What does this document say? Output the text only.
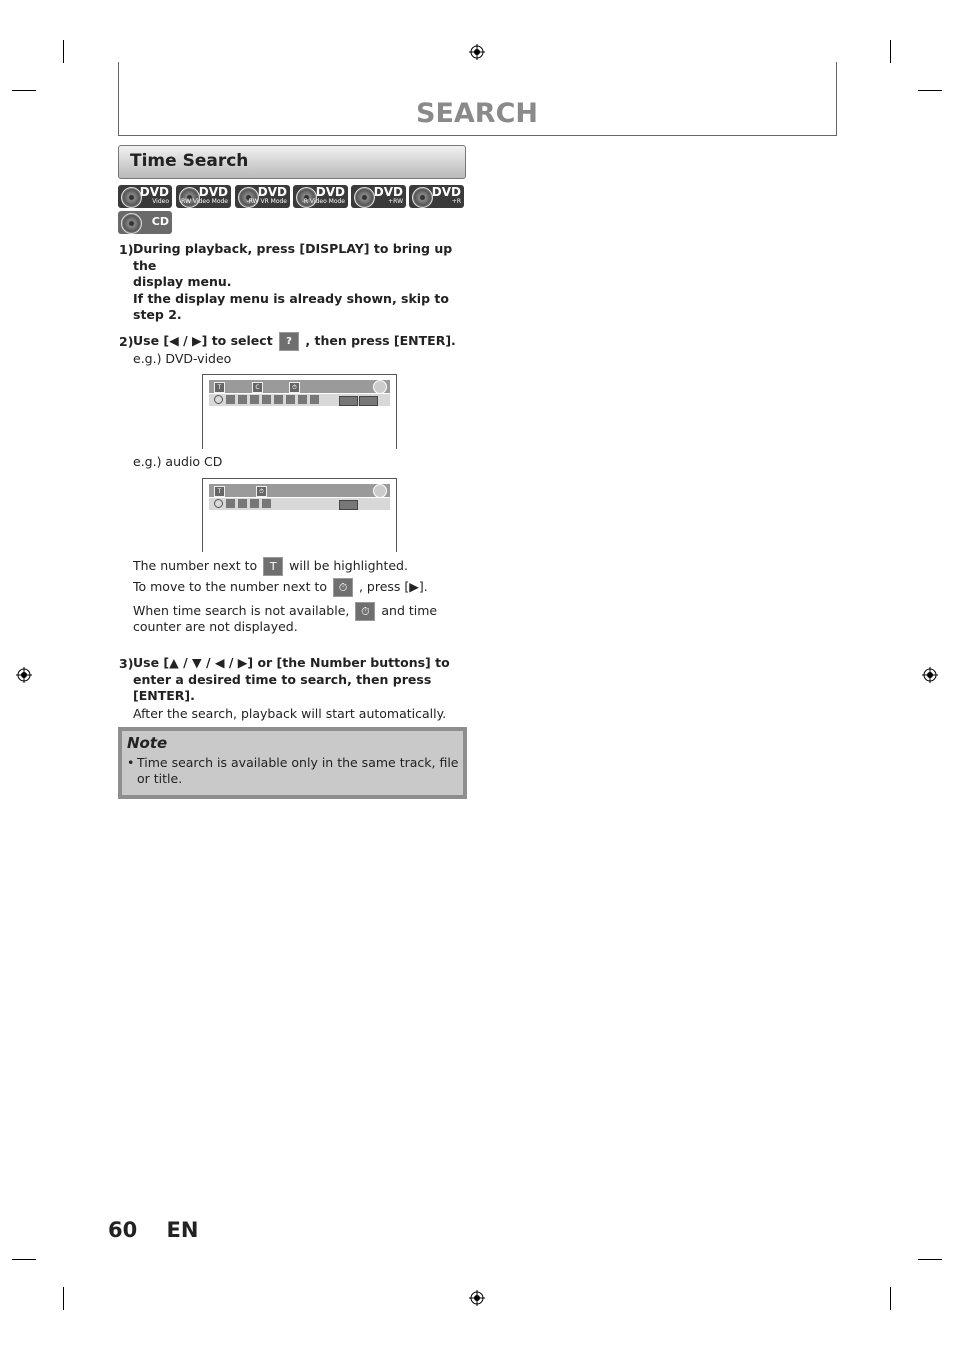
SEARCH
Time Search
DVD
Video
DVD
-RW Video Mode
DVD
-RW VR Mode
DVD
-R Video Mode
DVD
+RW
DVD
+R
CD
1) During playback, press [DISPLAY] to bring up the
display menu.
If the display menu is already shown, skip to step 2.
2) Use [◀ / ▶] to select ? , then press [ENTER].
e.g.) DVD-video
T	C	⏱
e.g.) audio CD
T	⏱
The number next to T will be highlighted.
To move to the number next to ⏱ , press [▶].
When time search is not available, ⏱ and time
counter are not displayed.
3) Use [▲ / ▼ / ◀ / ▶] or [the Number buttons] to
enter a desired time to search, then press [ENTER].
After the search, playback will start automatically.
Note
• Time search is available only in the same track, file or title.
60 EN
